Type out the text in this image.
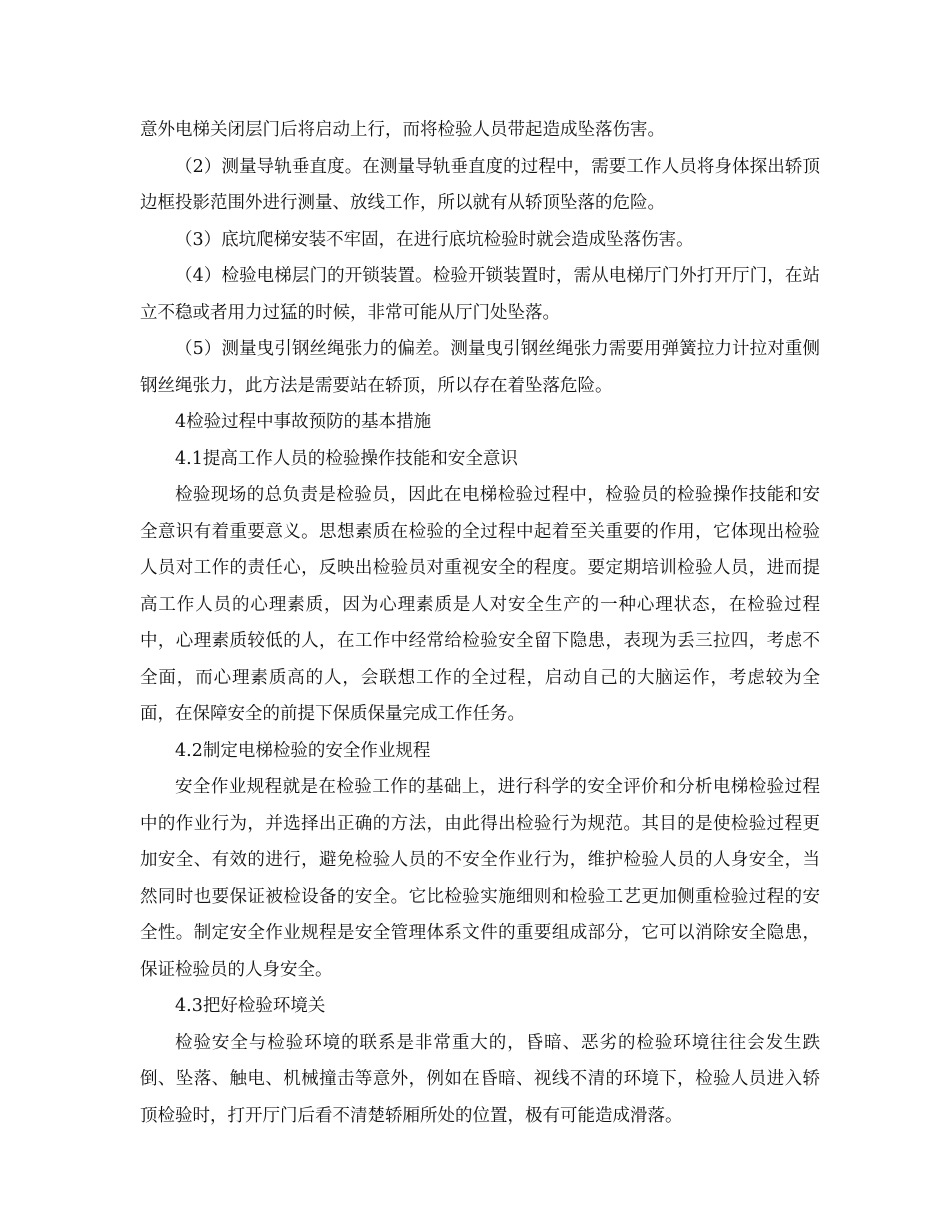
意外电梯关闭层门后将启动上行，而将检验人员带起造成坠落伤害。

（2）测量导轨垂直度。在测量导轨垂直度的过程中，需要工作人员将身体探出轿顶边框投影范围外进行测量、放线工作，所以就有从轿顶坠落的危险。

（3）底坑爬梯安装不牢固，在进行底坑检验时就会造成坠落伤害。

（4）检验电梯层门的开锁装置。检验开锁装置时，需从电梯厅门外打开厅门，在站立不稳或者用力过猛的时候，非常可能从厅门处坠落。

（5）测量曳引钢丝绳张力的偏差。测量曳引钢丝绳张力需要用弹簧拉力计拉对重侧钢丝绳张力，此方法是需要站在轿顶，所以存在着坠落危险。

4检验过程中事故预防的基本措施

4.1提高工作人员的检验操作技能和安全意识

检验现场的总负责是检验员，因此在电梯检验过程中，检验员的检验操作技能和安全意识有着重要意义。思想素质在检验的全过程中起着至关重要的作用，它体现出检验人员对工作的责任心，反映出检验员对重视安全的程度。要定期培训检验人员，进而提高工作人员的心理素质，因为心理素质是人对安全生产的一种心理状态，在检验过程中，心理素质较低的人，在工作中经常给检验安全留下隐患，表现为丢三拉四，考虑不全面，而心理素质高的人，会联想工作的全过程，启动自己的大脑运作，考虑较为全面，在保障安全的前提下保质保量完成工作任务。

4.2制定电梯检验的安全作业规程

安全作业规程就是在检验工作的基础上，进行科学的安全评价和分析电梯检验过程中的作业行为，并选择出正确的方法，由此得出检验行为规范。其目的是使检验过程更加安全、有效的进行，避免检验人员的不安全作业行为，维护检验人员的人身安全，当然同时也要保证被检设备的安全。它比检验实施细则和检验工艺更加侧重检验过程的安全性。制定安全作业规程是安全管理体系文件的重要组成部分，它可以消除安全隐患，保证检验员的人身安全。

4.3把好检验环境关

检验安全与检验环境的联系是非常重大的，昏暗、恶劣的检验环境往往会发生跌倒、坠落、触电、机械撞击等意外，例如在昏暗、视线不清的环境下，检验人员进入轿顶检验时，打开厅门后看不清楚轿厢所处的位置，极有可能造成滑落。
